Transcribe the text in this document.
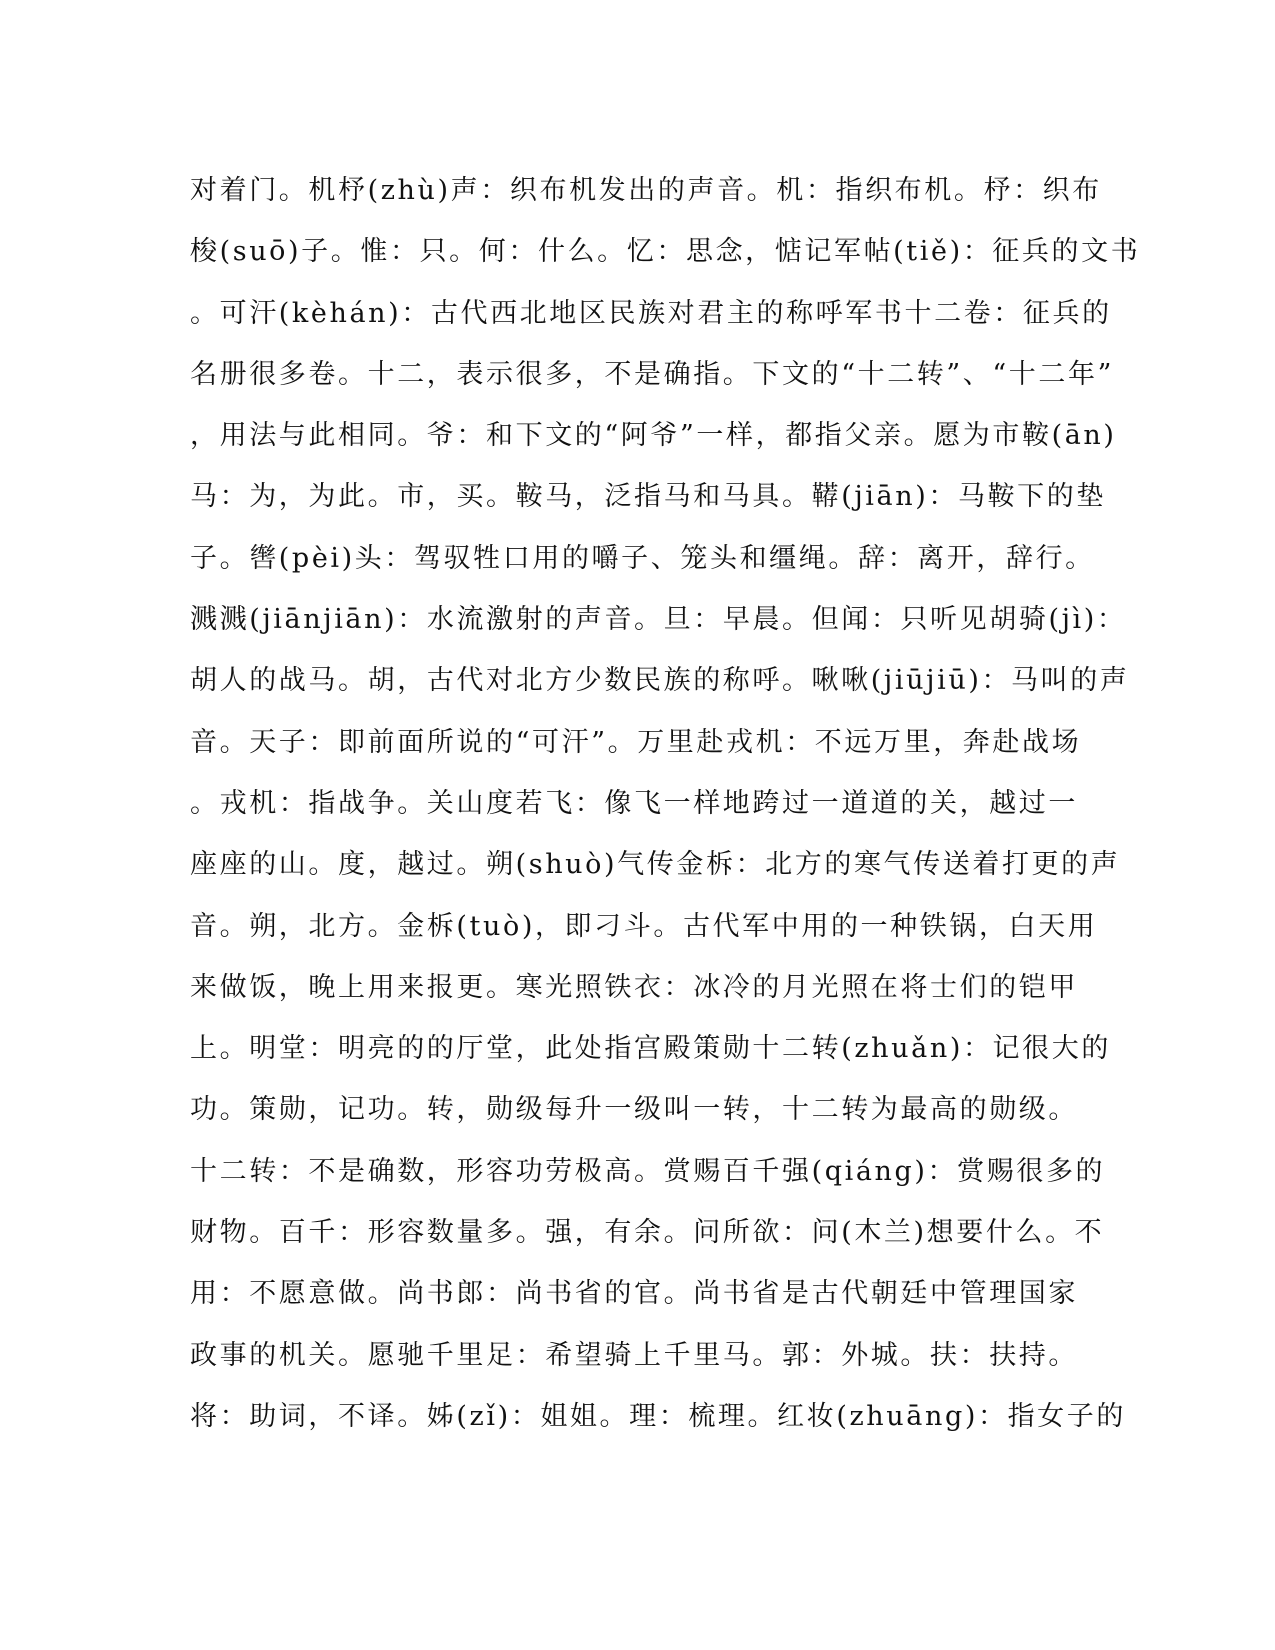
对着门。机杼(zhù)声：织布机发出的声音。机：指织布机。杼：织布
梭(suō)子。惟：只。何：什么。忆：思念，惦记军帖(tiě)：征兵的文书
。可汗(kèhán)：古代西北地区民族对君主的称呼军书十二卷：征兵的
名册很多卷。十二，表示很多，不是确指。下文的“十二转”、“十二年”
，用法与此相同。爷：和下文的“阿爷”一样，都指父亲。愿为市鞍(ān)
马：为，为此。市，买。鞍马，泛指马和马具。鞯(jiān)：马鞍下的垫
子。辔(pèi)头：驾驭牲口用的嚼子、笼头和缰绳。辞：离开，辞行。
溅溅(jiānjiān)：水流激射的声音。旦：早晨。但闻：只听见胡骑(jì)：
胡人的战马。胡，古代对北方少数民族的称呼。啾啾(jiūjiū)：马叫的声
音。天子：即前面所说的“可汗”。万里赴戎机：不远万里，奔赴战场
。戎机：指战争。关山度若飞：像飞一样地跨过一道道的关，越过一
座座的山。度，越过。朔(shuò)气传金柝：北方的寒气传送着打更的声
音。朔，北方。金柝(tuò)，即刁斗。古代军中用的一种铁锅，白天用
来做饭，晚上用来报更。寒光照铁衣：冰冷的月光照在将士们的铠甲
上。明堂：明亮的的厅堂，此处指宫殿策勋十二转(zhuǎn)：记很大的
功。策勋，记功。转，勋级每升一级叫一转，十二转为最高的勋级。
十二转：不是确数，形容功劳极高。赏赐百千强(qiáng)：赏赐很多的
财物。百千：形容数量多。强，有余。问所欲：问(木兰)想要什么。不
用：不愿意做。尚书郎：尚书省的官。尚书省是古代朝廷中管理国家
政事的机关。愿驰千里足：希望骑上千里马。郭：外城。扶：扶持。
将：助词，不译。姊(zǐ)：姐姐。理：梳理。红妆(zhuāng)：指女子的
